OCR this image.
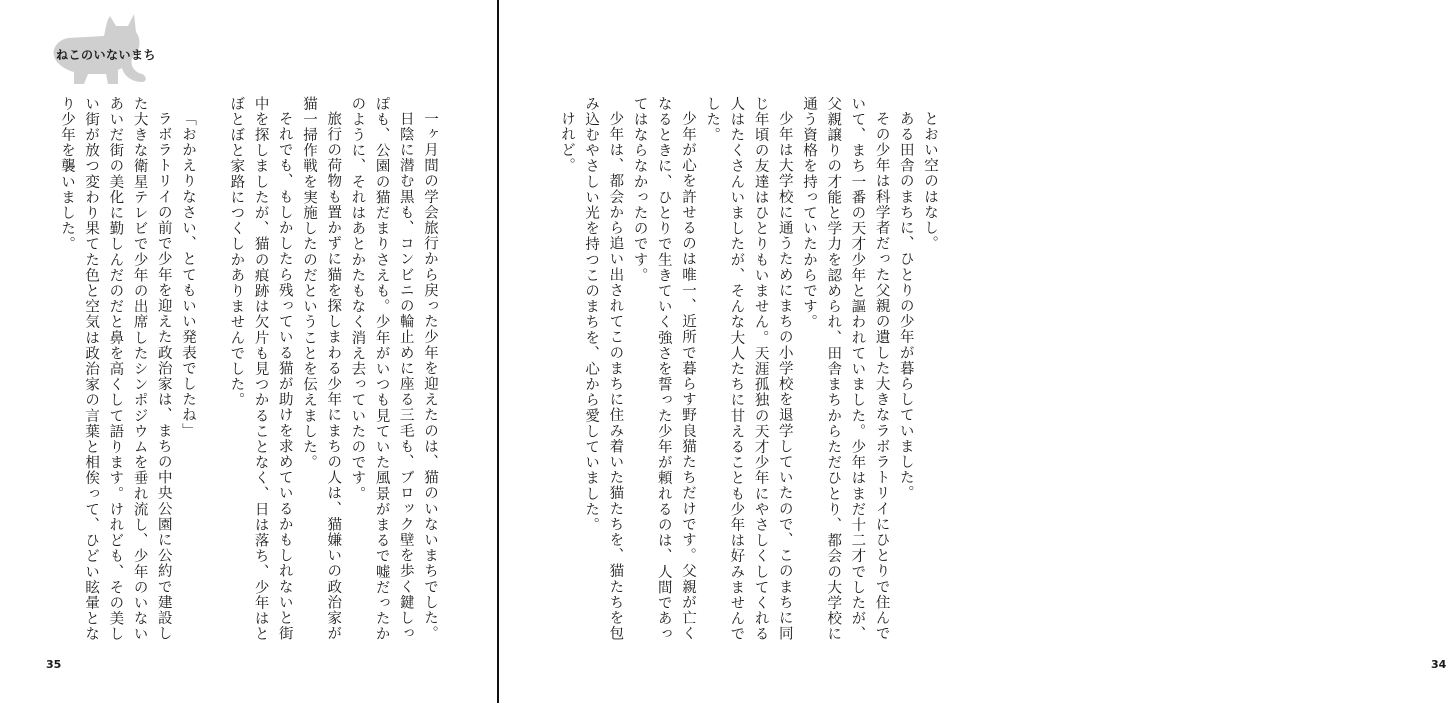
ねこのいないまち

一ヶ月間の学会旅行から戻った少年を迎えたのは、猫のいないまちでした。

日陰に潜む黒も、コンビニの輪止めに座る三毛も、ブロック壁を歩く鍵しっぽも、公園の猫だまりさえも。少年がいつも見ていた風景がまるで嘘だったかのように、それはあとかたもなく消え去っていたのです。

旅行の荷物も置かずに猫を探しまわる少年にまちの人は、猫嫌いの政治家が猫一掃作戦を実施したのだということを伝えました。

それでも、もしかしたら残っている猫が助けを求めているかもしれないと街中を探しましたが、猫の痕跡は欠片も見つかることなく、日は落ち、少年はとぼとぼと家路につくしかありませんでした。

「おかえりなさい、とてもいい発表でしたね」

ラボラトリイの前で少年を迎えた政治家は、まちの中央公園に公約で建設した大きな衛星テレビで少年の出席したシンポジウムを垂れ流し、少年のいないあいだ街の美化に勤しんだのだと鼻を高くして語ります。けれども、その美しい街が放つ変わり果てた色と空気は政治家の言葉と相俟って、ひどい眩暈となり少年を襲いました。

35	34

とおい空のはなし。

ある田舎のまちに、ひとりの少年が暮らしていました。

その少年は科学者だった父親の遺した大きなラボラトリイにひとりで住んでいて、まち一番の天才少年と謳われていました。少年はまだ十二才でしたが、父親譲りの才能と学力を認められ、田舎まちからただひとり、都会の大学校に通う資格を持っていたからです。

少年は大学校に通うためにまちの小学校を退学していたので、このまちに同じ年頃の友達はひとりもいません。天涯孤独の天才少年にやさしくしてくれる人はたくさんいましたが、そんな大人たちに甘えることも少年は好みませんでした。

少年が心を許せるのは唯一、近所で暮らす野良猫たちだけです。父親が亡くなるときに、ひとりで生きていく強さを誓った少年が頼れるのは、人間であってはならなかったのです。

少年は、都会から追い出されてこのまちに住み着いた猫たちを、猫たちを包み込むやさしい光を持つこのまちを、心から愛していました。

けれど。
